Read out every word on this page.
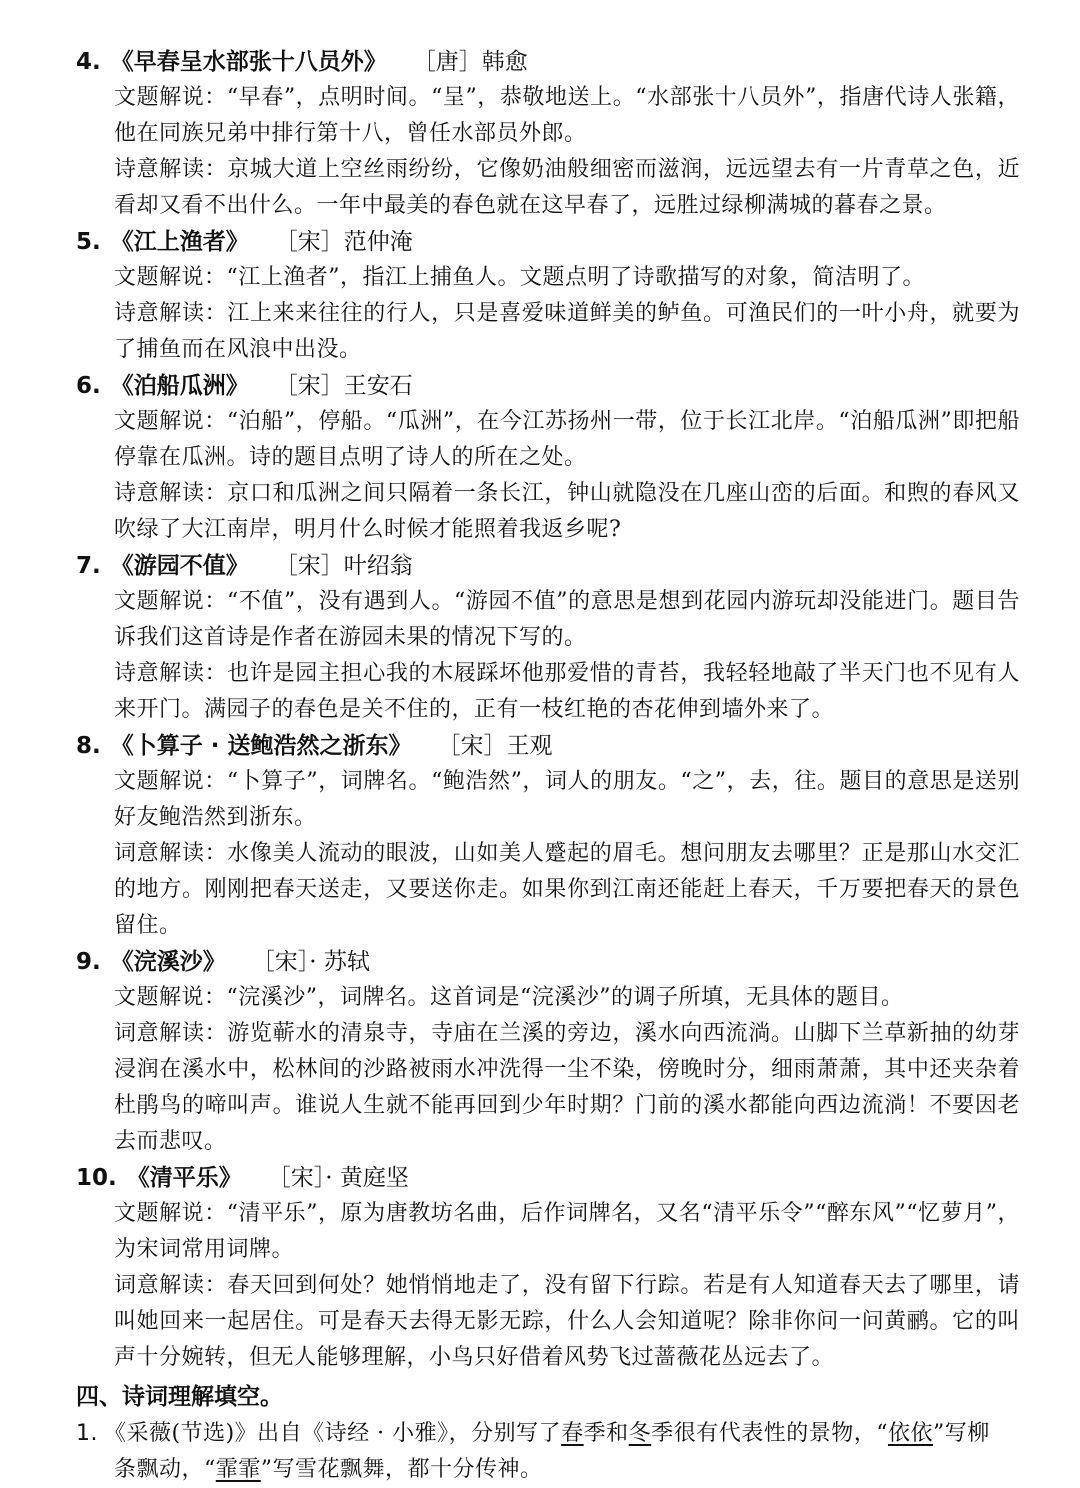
4. 《早春呈水部张十八员外》 ［唐］韩愈

文题解说：“早春”，点明时间。“呈”，恭敬地送上。“水部张十八员外”，指唐代诗人张籍，他在同族兄弟中排行第十八，曾任水部员外郎。

诗意解读：京城大道上空丝雨纷纷，它像奶油般细密而滋润，远远望去有一片青草之色，近看却又看不出什么。一年中最美的春色就在这早春了，远胜过绿柳满城的暮春之景。

5. 《江上渔者》 ［宋］范仲淹

文题解说：“江上渔者”，指江上捕鱼人。文题点明了诗歌描写的对象，简洁明了。

诗意解读：江上来来往往的行人，只是喜爱味道鲜美的鲈鱼。可渔民们的一叶小舟，就要为了捕鱼而在风浪中出没。

6. 《泊船瓜洲》 ［宋］王安石

文题解说：“泊船”，停船。“瓜洲”，在今江苏扬州一带，位于长江北岸。“泊船瓜洲”即把船停靠在瓜洲。诗的题目点明了诗人的所在之处。

诗意解读：京口和瓜洲之间只隔着一条长江，钟山就隐没在几座山峦的后面。和煦的春风又吹绿了大江南岸，明月什么时候才能照着我返乡呢?

7. 《游园不值》 ［宋］叶绍翁

文题解说：“不值”，没有遇到人。“游园不值”的意思是想到花园内游玩却没能进门。题目告诉我们这首诗是作者在游园未果的情况下写的。

诗意解读：也许是园主担心我的木屐踩坏他那爱惜的青苔，我轻轻地敲了半天门也不见有人来开门。满园子的春色是关不住的，正有一枝红艳的杏花伸到墙外来了。

8. 《卜算子 · 送鲍浩然之浙东》 ［宋］王观

文题解说：“卜算子”，词牌名。“鲍浩然”，词人的朋友。“之”，去，往。题目的意思是送别好友鲍浩然到浙东。

词意解读：水像美人流动的眼波，山如美人蹙起的眉毛。想问朋友去哪里？正是那山水交汇的地方。刚刚把春天送走，又要送你走。如果你到江南还能赶上春天，千万要把春天的景色留住。

9. 《浣溪沙》 ［宋］· 苏轼

文题解说：“浣溪沙”，词牌名。这首词是“浣溪沙”的调子所填，无具体的题目。

词意解读：游览蕲水的清泉寺，寺庙在兰溪的旁边，溪水向西流淌。山脚下兰草新抽的幼芽浸润在溪水中，松林间的沙路被雨水冲洗得一尘不染，傍晚时分，细雨萧萧，其中还夹杂着杜鹃鸟的啼叫声。谁说人生就不能再回到少年时期？门前的溪水都能向西边流淌！不要因老去而悲叹。

10. 《清平乐》 ［宋］· 黄庭坚

文题解说：“清平乐”，原为唐教坊名曲，后作词牌名，又名“清平乐令”“醉东风”“忆萝月”，为宋词常用词牌。

词意解读：春天回到何处？她悄悄地走了，没有留下行踪。若是有人知道春天去了哪里，请叫她回来一起居住。可是春天去得无影无踪，什么人会知道呢？除非你问一问黄鹂。它的叫声十分婉转，但无人能够理解，小鸟只好借着风势飞过蔷薇花丛远去了。

四、诗词理解填空。

1. 《采薇(节选)》出自《诗经 · 小雅》，分别写了春季和冬季很有代表性的景物，“依依”写柳
条飘动，“霏霏”写雪花飘舞，都十分传神。
